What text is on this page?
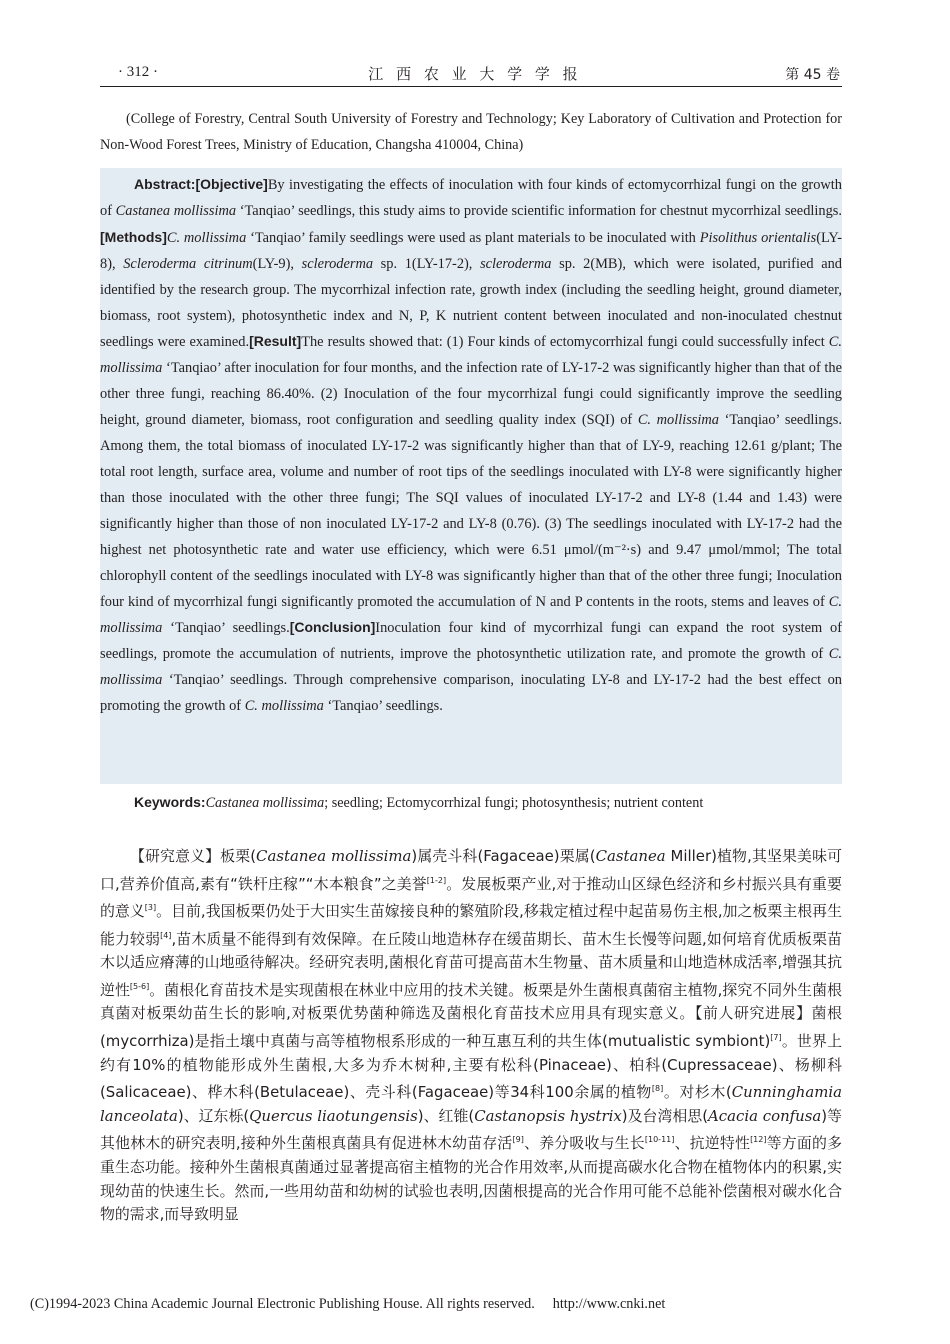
· 312 ·	江 西 农 业 大 学 学 报	第 45 卷
(College of Forestry, Central South University of Forestry and Technology; Key Laboratory of Cultivation and Protection for Non-Wood Forest Trees, Ministry of Education, Changsha 410004, China)

Abstract:[Objective]By investigating the effects of inoculation with four kinds of ectomycorrhizal fungi on the growth of Castanea mollissima ‘Tanqiao’ seedlings, this study aims to provide scientific information for chestnut mycorrhizal seedlings.[Methods]C. mollissima ‘Tanqiao’ family seedlings were used as plant materials to be inoculated with Pisolithus orientalis(LY-8), Scleroderma citrinum(LY-9), scleroderma sp. 1(LY-17-2), scleroderma sp. 2(MB), which were isolated, purified and identified by the research group. The mycorrhizal infection rate, growth index (including the seedling height, ground diameter, biomass, root system), photosynthetic index and N, P, K nutrient content between inoculated and non-inoculated chestnut seedlings were examined.[Result]The results showed that: (1) Four kinds of ectomycorrhizal fungi could successfully infect C. mollissima ‘Tanqiao’ after inoculation for four months, and the infection rate of LY-17-2 was significantly higher than that of the other three fungi, reaching 86.40%. (2) Inoculation of the four mycorrhizal fungi could significantly improve the seedling height, ground diameter, biomass, root configuration and seedling quality index (SQI) of C. mollissima ‘Tanqiao’ seedlings. Among them, the total biomass of inoculated LY-17-2 was significantly higher than that of LY-9, reaching 12.61 g/plant; The total root length, surface area, volume and number of root tips of the seedlings inoculated with LY-8 were significantly higher than those inoculated with the other three fungi; The SQI values of inoculated LY-17-2 and LY-8 (1.44 and 1.43) were significantly higher than those of non inoculated LY-17-2 and LY-8 (0.76). (3) The seedlings inoculated with LY-17-2 had the highest net photosynthetic rate and water use efficiency, which were 6.51 μmol/(m⁻²·s) and 9.47 μmol/mmol; The total chlorophyll content of the seedlings inoculated with LY-8 was significantly higher than that of the other three fungi; Inoculation four kind of mycorrhizal fungi significantly promoted the accumulation of N and P contents in the roots, stems and leaves of C. mollissima ‘Tanqiao’ seedlings.[Conclusion]Inoculation four kind of mycorrhizal fungi can expand the root system of seedlings, promote the accumulation of nutrients, improve the photosynthetic utilization rate, and promote the growth of C. mollissima ‘Tanqiao’ seedlings. Through comprehensive comparison, inoculating LY-8 and LY-17-2 had the best effect on promoting the growth of C. mollissima ‘Tanqiao’ seedlings.

Keywords:Castanea mollissima; seedling; Ectomycorrhizal fungi; photosynthesis; nutrient content

【研究意义】板栗(Castanea mollissima)属壳斗科(Fagaceae)栗属(Castanea Miller)植物,其坚果美味可口,营养价值高,素有“铁杆庄稼”“木本粮食”之美誉[1-2]。发展板栗产业,对于推动山区绿色经济和乡村振兴具有重要的意义[3]。目前,我国板栗仍处于大田实生苗嫁接良种的繁殖阶段,移栽定植过程中起苗易伤主根,加之板栗主根再生能力较弱[4],苗木质量不能得到有效保障。在丘陵山地造林存在缓苗期长、苗木生长慢等问题,如何培育优质板栗苗木以适应瘠薄的山地亟待解决。经研究表明,菌根化育苗可提高苗木生物量、苗木质量和山地造林成活率,增强其抗逆性[5-6]。菌根化育苗技术是实现菌根在林业中应用的技术关键。板栗是外生菌根真菌宿主植物,探究不同外生菌根真菌对板栗幼苗生长的影响,对板栗优势菌种筛选及菌根化育苗技术应用具有现实意义。【前人研究进展】菌根(mycorrhiza)是指土壤中真菌与高等植物根系形成的一种互惠互利的共生体(mutualistic symbiont)[7]。世界上约有10%的植物能形成外生菌根,大多为乔木树种,主要有松科(Pinaceae)、柏科(Cupressaceae)、杨柳科(Salicaceae)、桦木科(Betulaceae)、壳斗科(Fagaceae)等34科100余属的植物[8]。对杉木(Cunninghamia lanceolata)、辽东栎(Quercus liaotungensis)、红锥(Castanopsis hystrix)及台湾相思(Acacia confusa)等其他林木的研究表明,接种外生菌根真菌具有促进林木幼苗存活[9]、养分吸收与生长[10-11]、抗逆特性[12]等方面的多重生态功能。接种外生菌根真菌通过显著提高宿主植物的光合作用效率,从而提高碳水化合物在植物体内的积累,实现幼苗的快速生长。然而,一些用幼苗和幼树的试验也表明,因菌根提高的光合作用可能不总能补偿菌根对碳水化合物的需求,而导致明显

(C)1994-2023 China Academic Journal Electronic Publishing House. All rights reserved. http://www.cnki.net
